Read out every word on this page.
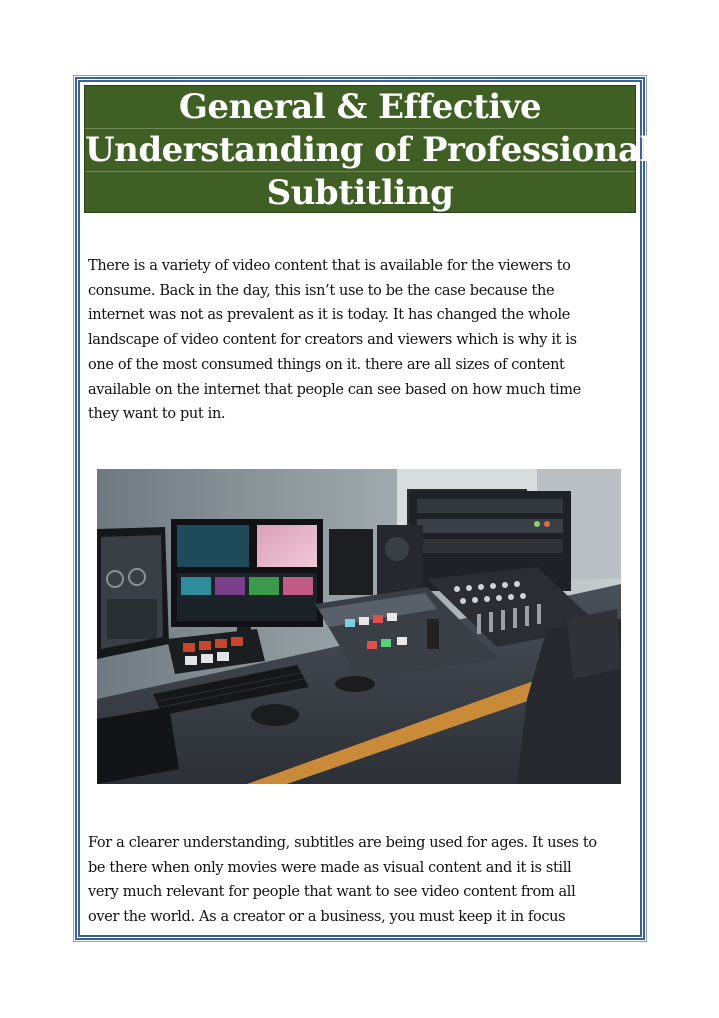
General & Effective
Understanding of Professional
Subtitling
There is a variety of video content that is available for the viewers to
consume. Back in the day, this isn’t use to be the case because the
internet was not as prevalent as it is today. It has changed the whole
landscape of video content for creators and viewers which is why it is
one of the most consumed things on it. there are all sizes of content
available on the internet that people can see based on how much time
they want to put in.
For a clearer understanding, subtitles are being used for ages. It uses to
be there when only movies were made as visual content and it is still
very much relevant for people that want to see video content from all
over the world. As a creator or a business, you must keep it in focus
